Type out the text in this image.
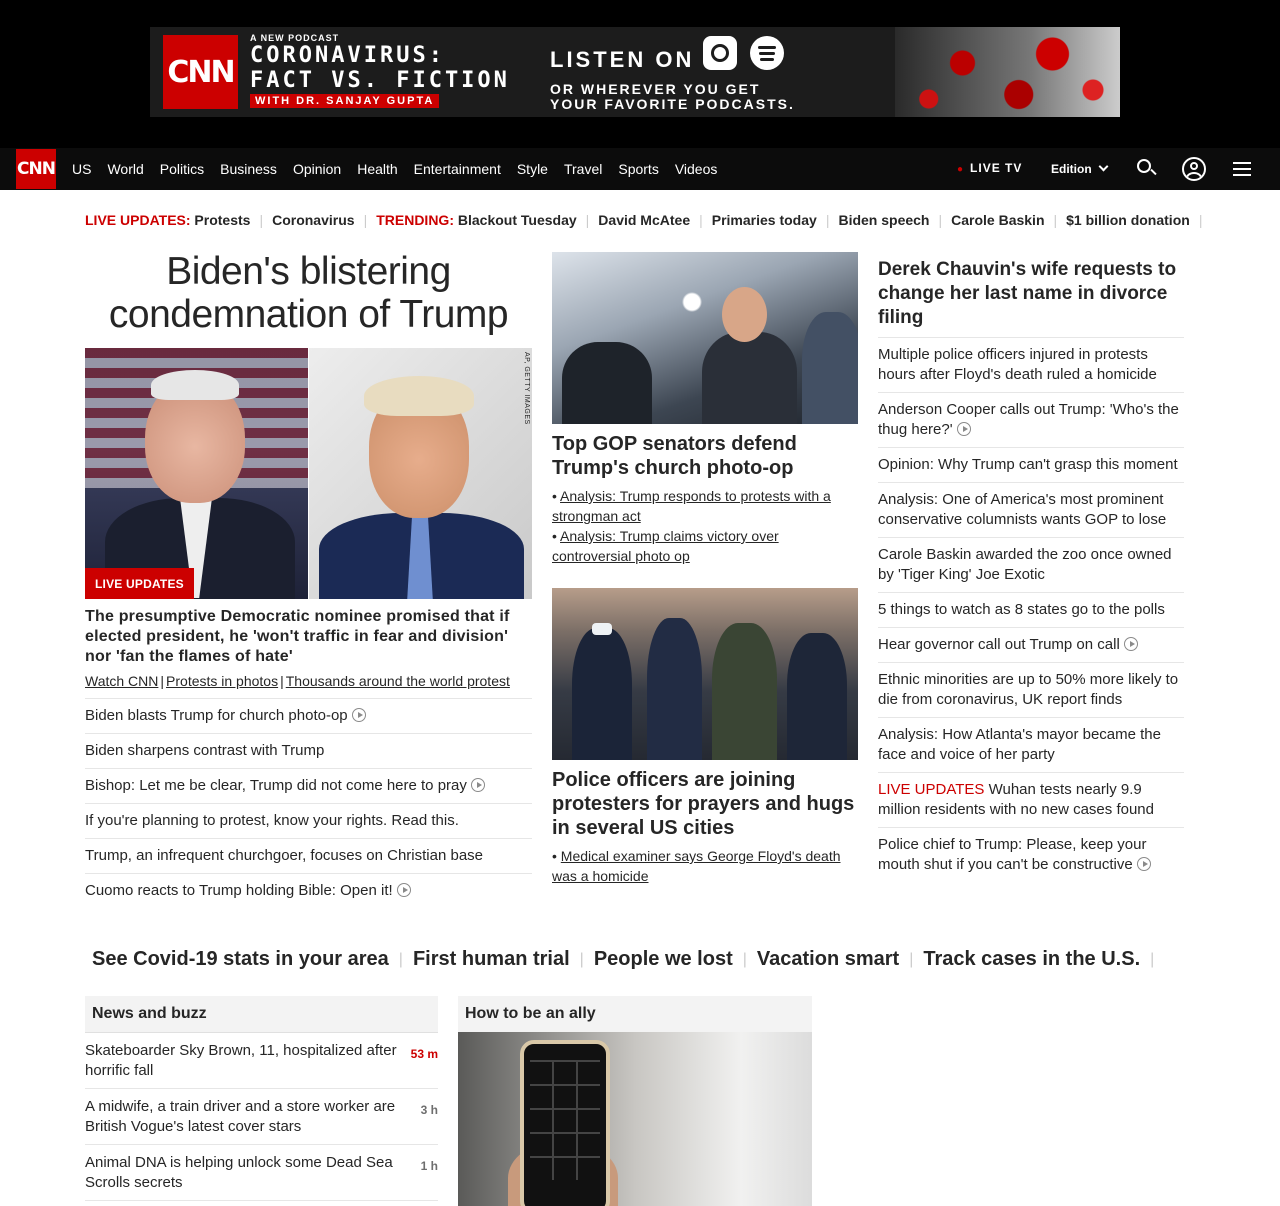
CNN
A NEW PODCAST
CORONAVIRUS:
FACT VS. FICTION
WITH DR. SANJAY GUPTA
LISTEN ON
OR WHEREVER YOU GET
YOUR FAVORITE PODCASTS.
CNN US World Politics Business Opinion Health Entertainment Style Travel Sports Videos	● LIVE TV Edition
LIVE UPDATES:
Protests | Coronavirus | TRENDING:
Blackout Tuesday | David McAtee | Primaries today | Biden speech | Carole Baskin | $1 billion donation |
Biden's blistering condemnation of Trump
AP, GETTY IMAGES
LIVE UPDATES
The presumptive Democratic nominee promised that if elected president, he 'won't traffic in fear and division' nor 'fan the flames of hate'
Watch CNN | Protests in photos | Thousands around the world protest
Biden blasts Trump for church photo-op
Biden sharpens contrast with Trump
Bishop: Let me be clear, Trump did not come here to pray
If you're planning to protest, know your rights. Read this.
Trump, an infrequent churchgoer, focuses on Christian base
Cuomo reacts to Trump holding Bible: Open it!
Top GOP senators defend Trump's church photo-op
• Analysis: Trump responds to protests with a strongman act
• Analysis: Trump claims victory over controversial photo op
Police officers are joining protesters for prayers and hugs in several US cities
• Medical examiner says George Floyd's death was a homicide
Derek Chauvin's wife requests to change her last name in divorce filing
Multiple police officers injured in protests hours after Floyd's death ruled a homicide
Anderson Cooper calls out Trump: 'Who's the thug here?'
Opinion: Why Trump can't grasp this moment
Analysis: One of America's most prominent conservative columnists wants GOP to lose
Carole Baskin awarded the zoo once owned by 'Tiger King' Joe Exotic
5 things to watch as 8 states go to the polls
Hear governor call out Trump on call
Ethnic minorities are up to 50% more likely to die from coronavirus, UK report finds
Analysis: How Atlanta's mayor became the face and voice of her party
LIVE UPDATES Wuhan tests nearly 9.9 million residents with no new cases found
Police chief to Trump: Please, keep your mouth shut if you can't be constructive
See Covid-19 stats in your area | First human trial | People we lost | Vacation smart | Track cases in the U.S. |
News and buzz
Skateboarder Sky Brown, 11, hospitalized after horrific fall
53 m
A midwife, a train driver and a store worker are British Vogue's latest cover stars
3 h
Animal DNA is helping unlock some Dead Sea Scrolls secrets
1 h
How to be an ally
